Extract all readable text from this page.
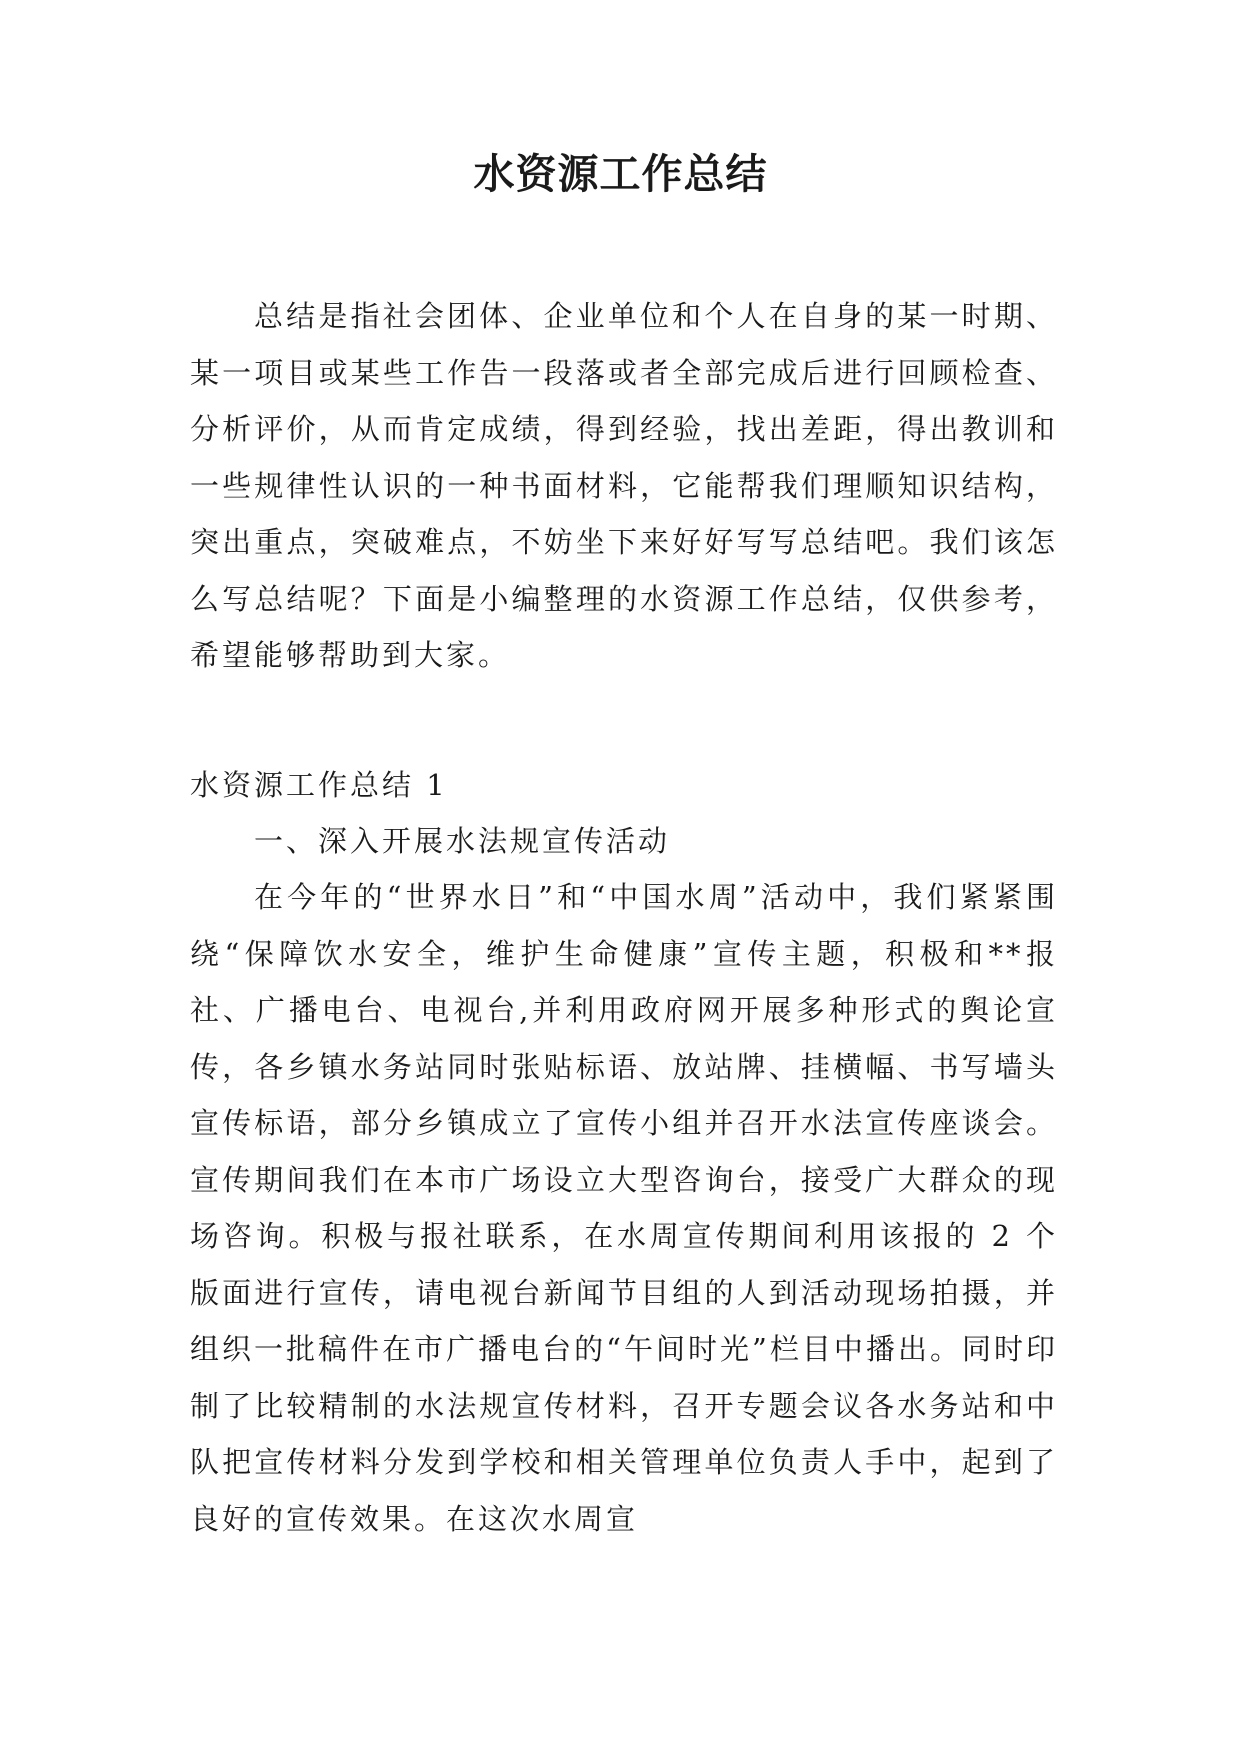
水资源工作总结

总结是指社会团体、企业单位和个人在自身的某一时期、某一项目或某些工作告一段落或者全部完成后进行回顾检查、分析评价，从而肯定成绩，得到经验，找出差距，得出教训和一些规律性认识的一种书面材料，它能帮我们理顺知识结构，突出重点，突破难点，不妨坐下来好好写写总结吧。我们该怎么写总结呢？下面是小编整理的水资源工作总结，仅供参考，希望能够帮助到大家。

水资源工作总结 1
一、深入开展水法规宣传活动

在今年的“世界水日”和“中国水周”活动中，我们紧紧围绕“保障饮水安全，维护生命健康”宣传主题，积极和**报社、广播电台、电视台,并利用政府网开展多种形式的舆论宣传，各乡镇水务站同时张贴标语、放站牌、挂横幅、书写墙头宣传标语，部分乡镇成立了宣传小组并召开水法宣传座谈会。宣传期间我们在本市广场设立大型咨询台，接受广大群众的现场咨询。积极与报社联系，在水周宣传期间利用该报的 2 个版面进行宣传，请电视台新闻节目组的人到活动现场拍摄，并组织一批稿件在市广播电台的“午间时光”栏目中播出。同时印制了比较精制的水法规宣传材料，召开专题会议各水务站和中队把宣传材料分发到学校和相关管理单位负责人手中，起到了良好的宣传效果。在这次水周宣
